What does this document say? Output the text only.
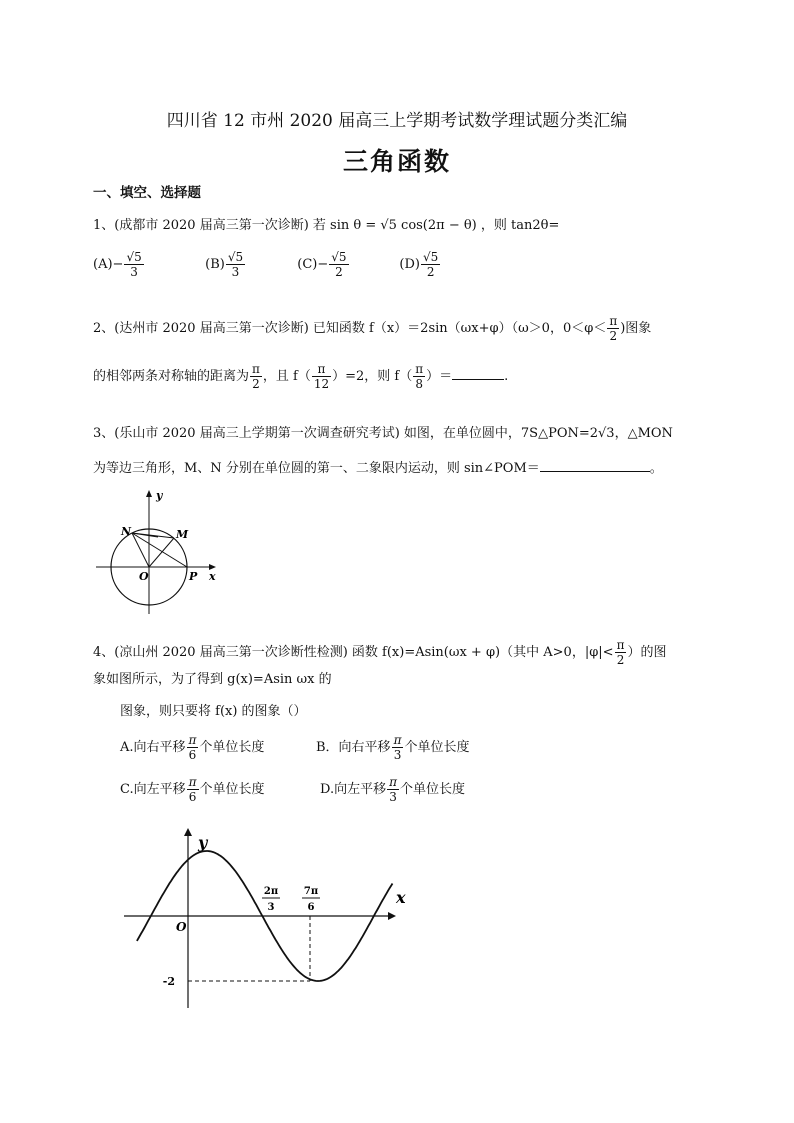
四川省 12 市州 2020 届高三上学期考试数学理试题分类汇编
三角函数
一、填空、选择题
1、(成都市 2020 届高三第一次诊断) 若 sin θ = √5 cos(2π − θ) ，则 tan2θ=
$(A)- \frac{√5}{3}$	$(B) \frac{√5}{3}$	$(C)- \frac{√5}{2}$	$(D) \frac{√5}{2}$
2、(达州市 2020 届高三第一次诊断) 已知函数 f（x）＝2sin（ωx+φ）（ω＞0，$0<\varphi< \frac{\pi}{2}$ )图象
的相邻两条对称轴的距离为 $\frac{\pi}{2}$ ，且 $f( \frac{\pi}{12} )=2$，则 $f( \frac{\pi}{8}$ ）＝	.
3、(乐山市 2020 届高三上学期第一次调查研究考试) 如图，在单位圆中，7S△PON=2√3，△MON
为等边三角形，M、N 分别在单位圆的第一、二象限内运动，则 sin∠POM＝	。
y
x
N	M
O	P
4、(凉山州 2020 届高三第一次诊断性检测) 函数 f(x)=Asin(ωx + φ)（其中 A>0，$|\varphi|< \frac{\pi}{2}$ ）的图
象如图所示，为了得到 g(x)=Asin ωx 的
图象，则只要将 f(x) 的图象（）
A.向右平移 $\frac{\pi}{6}$ 个单位长度	B．向右平移 $\frac{\pi}{3}$ 个单位长度
C.向左平移 $\frac{\pi}{6}$ 个单位长度	D.向左平移 $\frac{\pi}{3}$ 个单位长度
y
x
O
-2
2π
3
7π
6
